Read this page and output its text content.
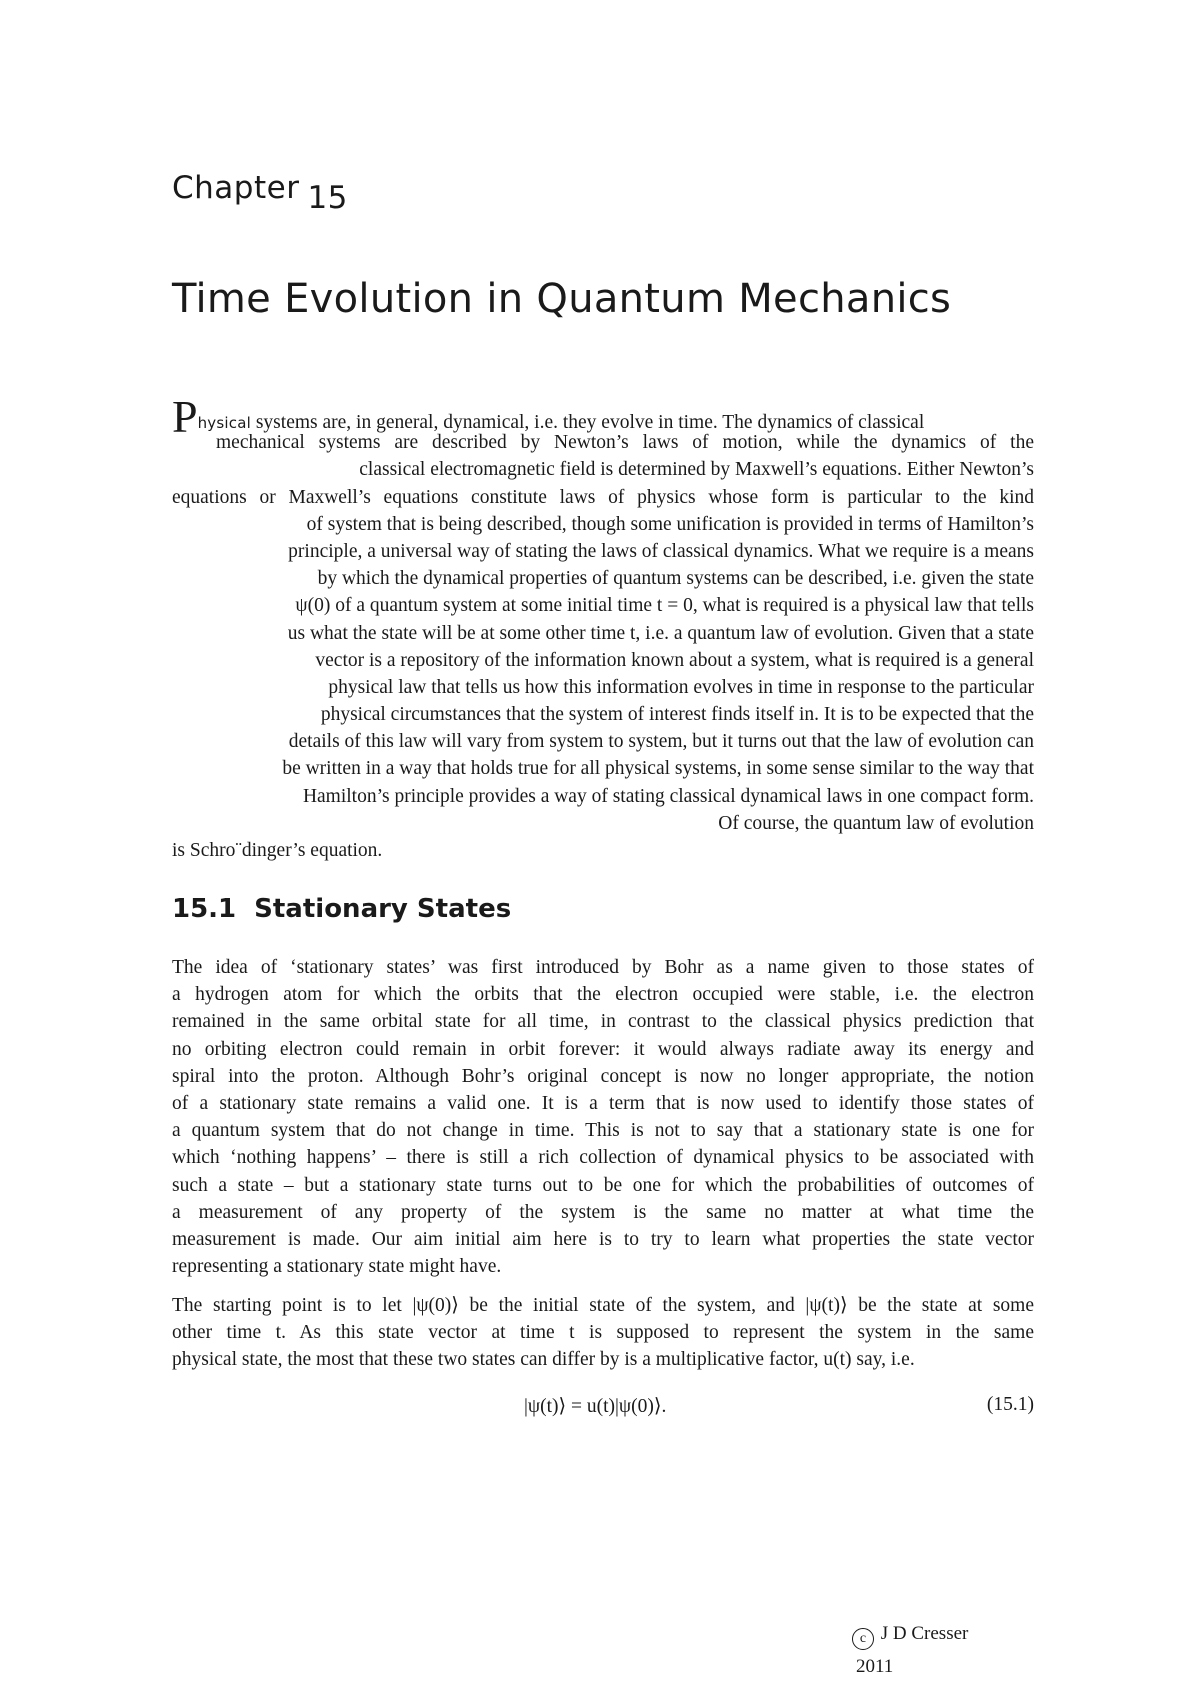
Chapter 15
Time Evolution in Quantum Mechanics
Physical systems are, in general, dynamical, i.e. they evolve in time. The dynamics of classical
mechanical systems are described by Newton’s laws of motion, while the dynamics of the
classical electromagnetic field is determined by Maxwell’s equations. Either Newton’s
equations or Maxwell’s equations constitute laws of physics whose form is particular to the kind
of system that is being described, though some unification is provided in terms of Hamilton’s
principle, a universal way of stating the laws of classical dynamics. What we require is a means
by which the dynamical properties of quantum systems can be described, i.e. given the state
ψ(0) of a quantum system at some initial time t = 0, what is required is a physical law that tells
us what the state will be at some other time t, i.e. a quantum law of evolution. Given that a state
vector is a repository of the information known about a system, what is required is a general
physical law that tells us how this information evolves in time in response to the particular
physical circumstances that the system of interest finds itself in. It is to be expected that the
details of this law will vary from system to system, but it turns out that the law of evolution can
be written in a way that holds true for all physical systems, in some sense similar to the way that
Hamilton’s principle provides a way of stating classical dynamical laws in one compact form.
Of course, the quantum law of evolution
is Schro¨dinger’s equation.
15.1 Stationary States
The idea of ‘stationary states’ was first introduced by Bohr as a name given to those states of
a hydrogen atom for which the orbits that the electron occupied were stable, i.e. the electron
remained in the same orbital state for all time, in contrast to the classical physics prediction that
no orbiting electron could remain in orbit forever: it would always radiate away its energy and
spiral into the proton. Although Bohr’s original concept is now no longer appropriate, the notion
of a stationary state remains a valid one. It is a term that is now used to identify those states of
a quantum system that do not change in time. This is not to say that a stationary state is one for
which ‘nothing happens’ – there is still a rich collection of dynamical physics to be associated with
such a state – but a stationary state turns out to be one for which the probabilities of outcomes of
a measurement of any property of the system is the same no matter at what time the
measurement is made. Our aim initial aim here is to try to learn what properties the state vector
representing a stationary state might have.
The starting point is to let |ψ(0)⟩ be the initial state of the system, and |ψ(t)⟩ be the state at some
other time t. As this state vector at time t is supposed to represent the system in the same
physical state, the most that these two states can differ by is a multiplicative factor, u(t) say, i.e.
|ψ(t)⟩ = u(t)|ψ(0)⟩.	(15.1)
c J D Cresser
2011
